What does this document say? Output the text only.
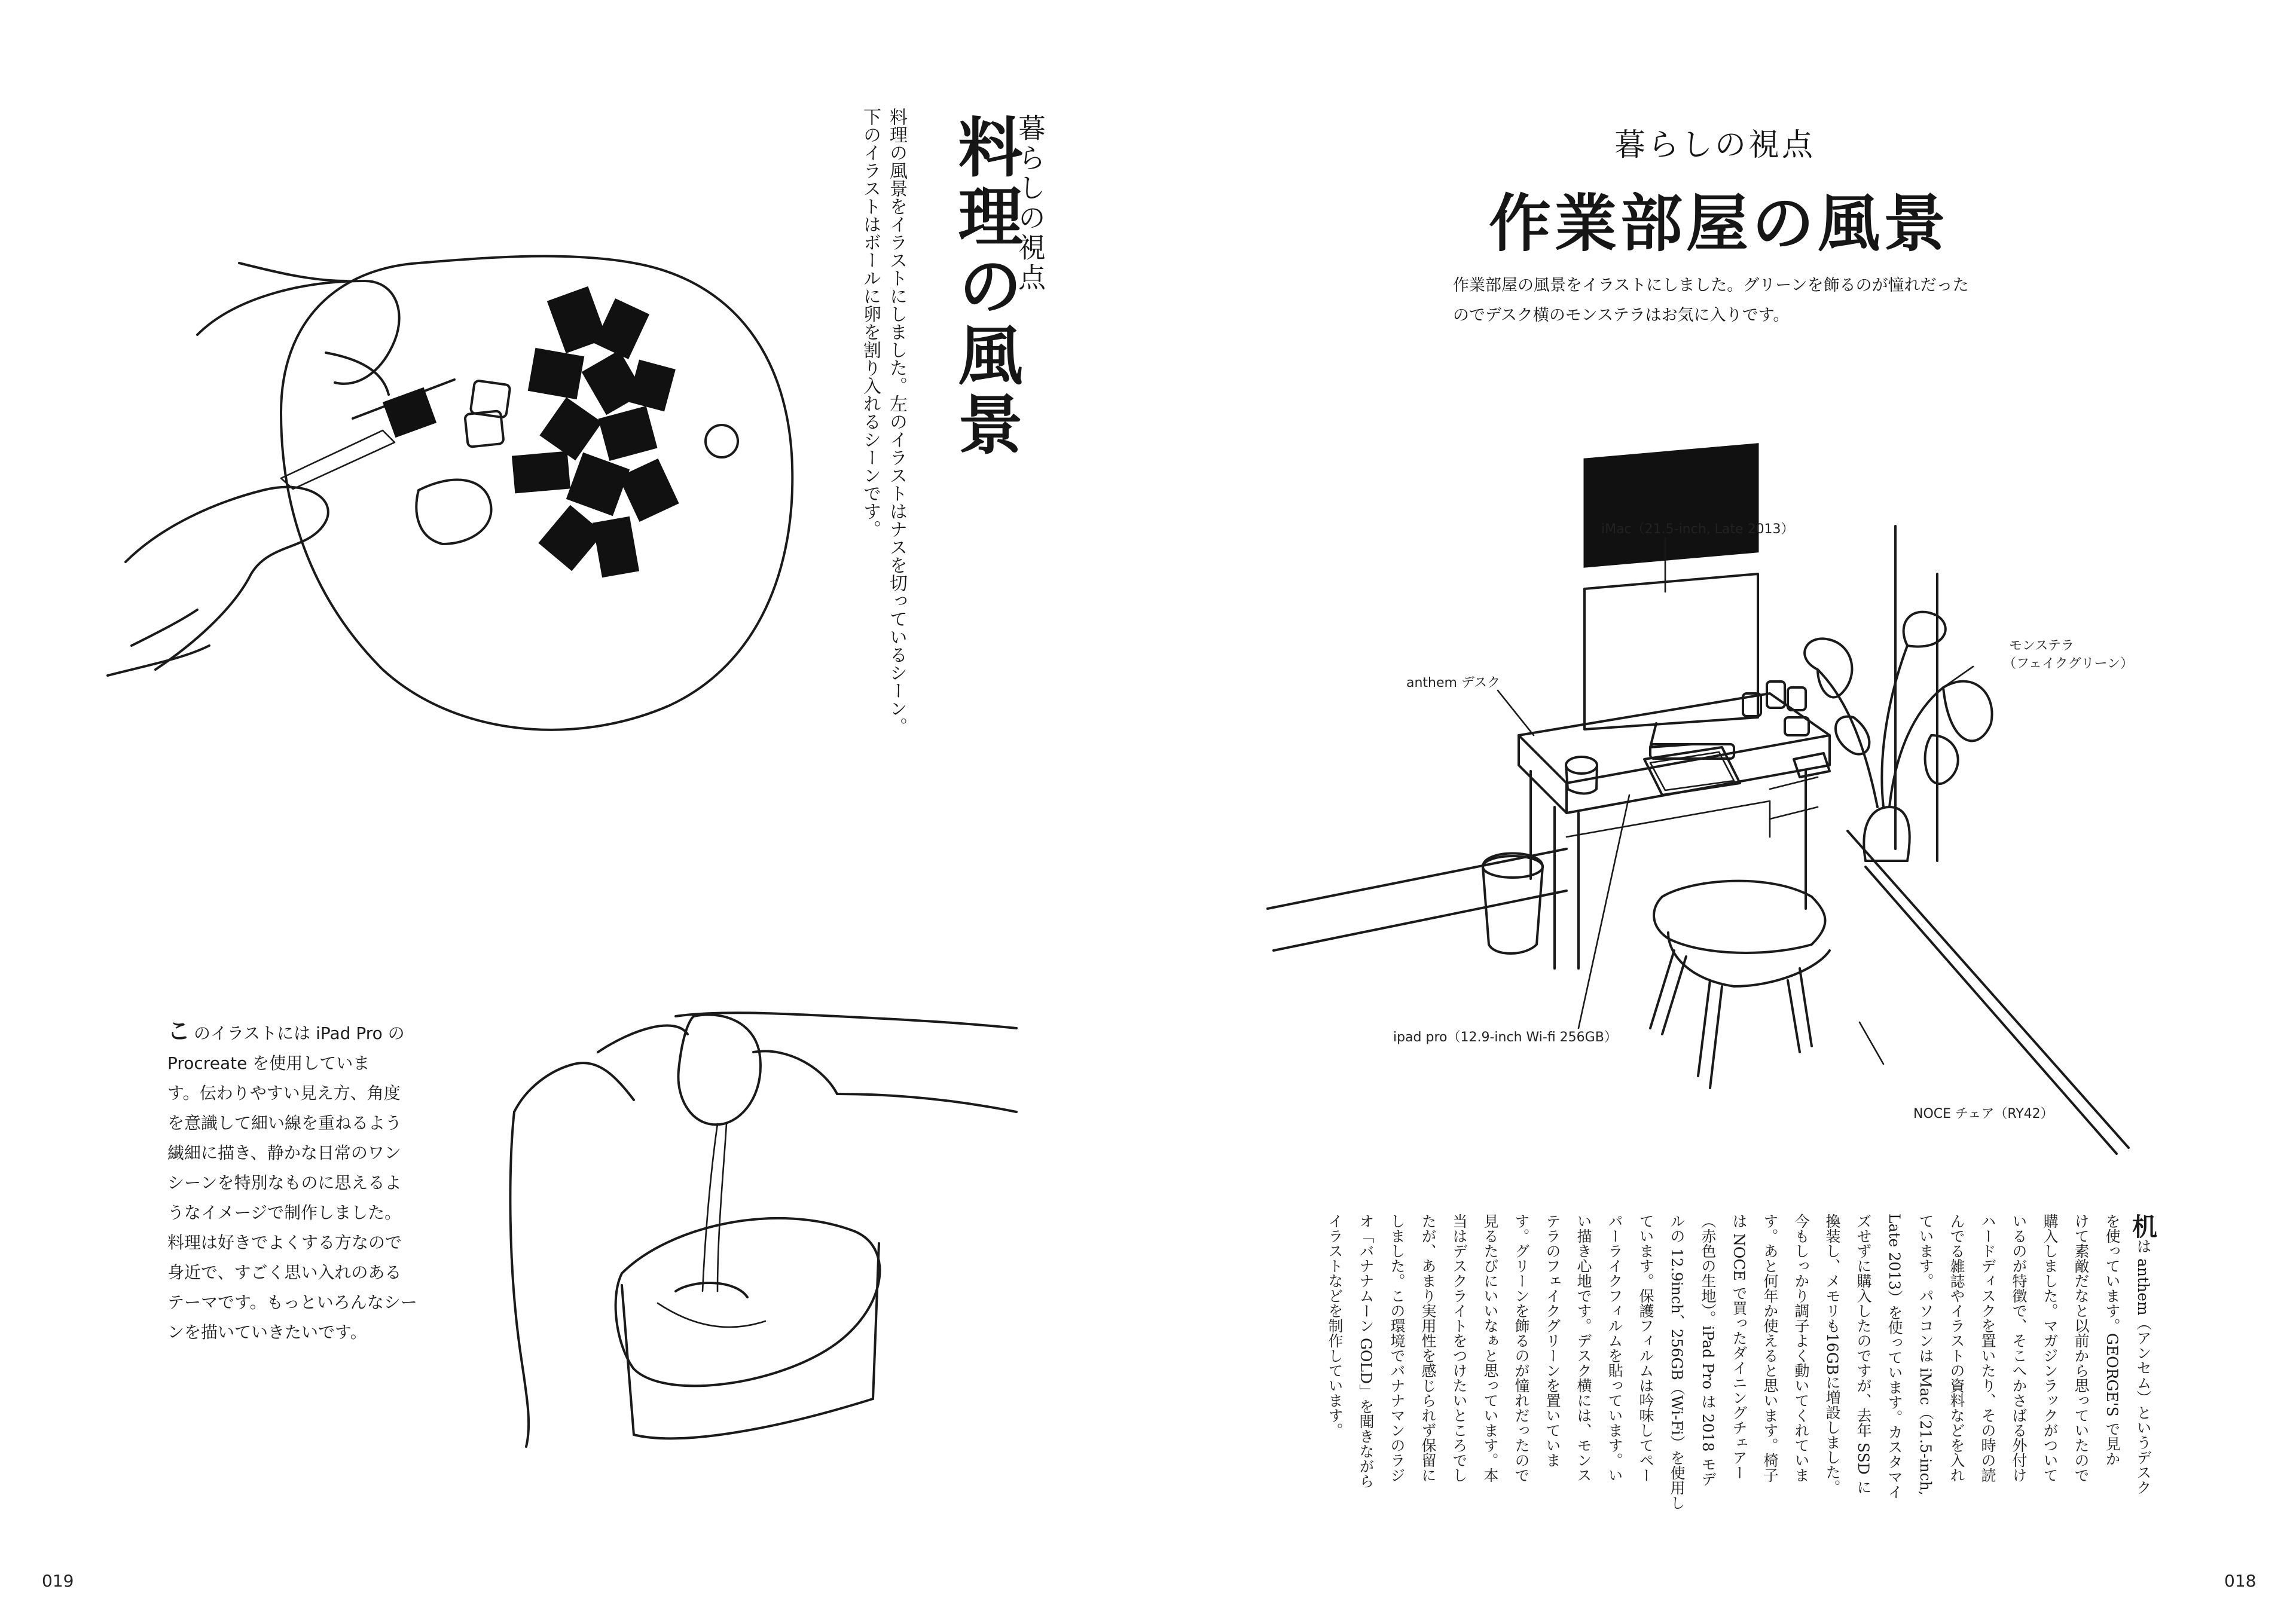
暮らしの視点
料理の風景
料理の風景をイラストにしました。左のイラストはナスを切っているシーン。
下のイラストはボールに卵を割り入れるシーンです。
こ のイラストには iPad Pro の
Procreate を使用していま
す。伝わりやすい見え方、角度
を意識して細い線を重ねるよう
繊細に描き、静かな日常のワン
シーンを特別なものに思えるよ
うなイメージで制作しました。
料理は好きでよくする方なので
身近で、すごく思い入れのある
テーマです。もっといろんなシー
ンを描いていきたいです。
019
暮らしの視点
作業部屋の風景
作業部屋の風景をイラストにしました。グリーンを飾るのが憧れだった
のでデスク横のモンステラはお気に入りです。
iMac（21.5-inch, Late 2013）
anthem デスク
モンステラ
（フェイクグリーン）
ipad pro（12.9-inch Wi-fi 256GB）
NOCE チェア（RY42）
机は anthem（アンセム）というデスク
を使っています。GEORGE'S で見か
けて素敵だなと以前から思っていたので
購入しました。マガジンラックがついて
いるのが特徴で、そこへかさばる外付け
ハードディスクを置いたり、その時の読
んでる雑誌やイラストの資料などを入れ
ています。パソコンは iMac（21.5-inch,
Late 2013）を使っています。カスタマイ
ズせずに購入したのですが、去年 SSD に
換装し、メモリも16GBに増設しました。
今もしっかり調子よく動いてくれていま
す。あと何年か使えると思います。椅子
は NOCE で買ったダイニングチェアー
（赤色の生地）。iPad Pro は 2018 モデ
ルの 12.9inch、256GB（Wi-Fi）を使用し
ています。保護フィルムは吟味してペー
パーライクフィルムを貼っています。い
い描き心地です。デスク横には、モンス
テラのフェイクグリーンを置いていま
す。グリーンを飾るのが憧れだったので
見るたびにいいなぁと思っています。本
当はデスクライトをつけたいところでし
たが、あまり実用性を感じられず保留に
しました。この環境でバナナマンのラジ
オ「バナナムーン GOLD」を聞きながら
イラストなどを制作しています。
018
